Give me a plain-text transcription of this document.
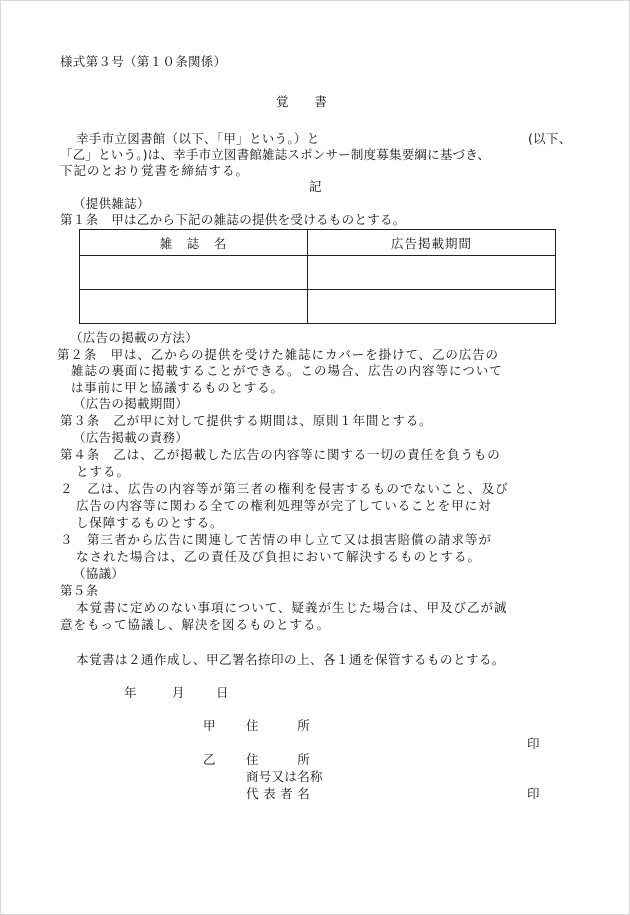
様式第３号（第１０条関係）
覚　　書
幸手市立図書館（以下、「甲」という。）と	(以下、
「乙」という。)は、幸手市立図書館雑誌スポンサー制度募集要綱に基づき、
下記のとおり覚書を締結する。
記
（提供雑誌）
第１条　甲は乙から下記の雑誌の提供を受けるものとする。
雑　誌　名	広告掲載期間

（広告の掲載の方法）
第２条　甲は、乙からの提供を受けた雑誌にカバーを掛けて、乙の広告の
雑誌の裏面に掲載することができる。この場合、広告の内容等について
は事前に甲と協議するものとする。
（広告の掲載期間）
第３条　乙が甲に対して提供する期間は、原則１年間とする。
（広告掲載の責務）
第４条　乙は、乙が掲載した広告の内容等に関する一切の責任を負うもの
とする。
２　乙は、広告の内容等が第三者の権利を侵害するものでないこと、及び
広告の内容等に関わる全ての権利処理等が完了していることを甲に対
し保障するものとする。
３　第三者から広告に関連して苦情の申し立て又は損害賠償の請求等が
なされた場合は、乙の責任及び負担において解決するものとする。
（協議）
第５条
本覚書に定めのない事項について、疑義が生じた場合は、甲及び乙が誠
意をもって協議し、解決を図るものとする。
本覚書は２通作成し、甲乙署名捺印の上、各１通を保管するものとする。
年	月 日
甲 住　　　所
印
乙 住　　　所
商号又は名称
代 表 者 名	印
